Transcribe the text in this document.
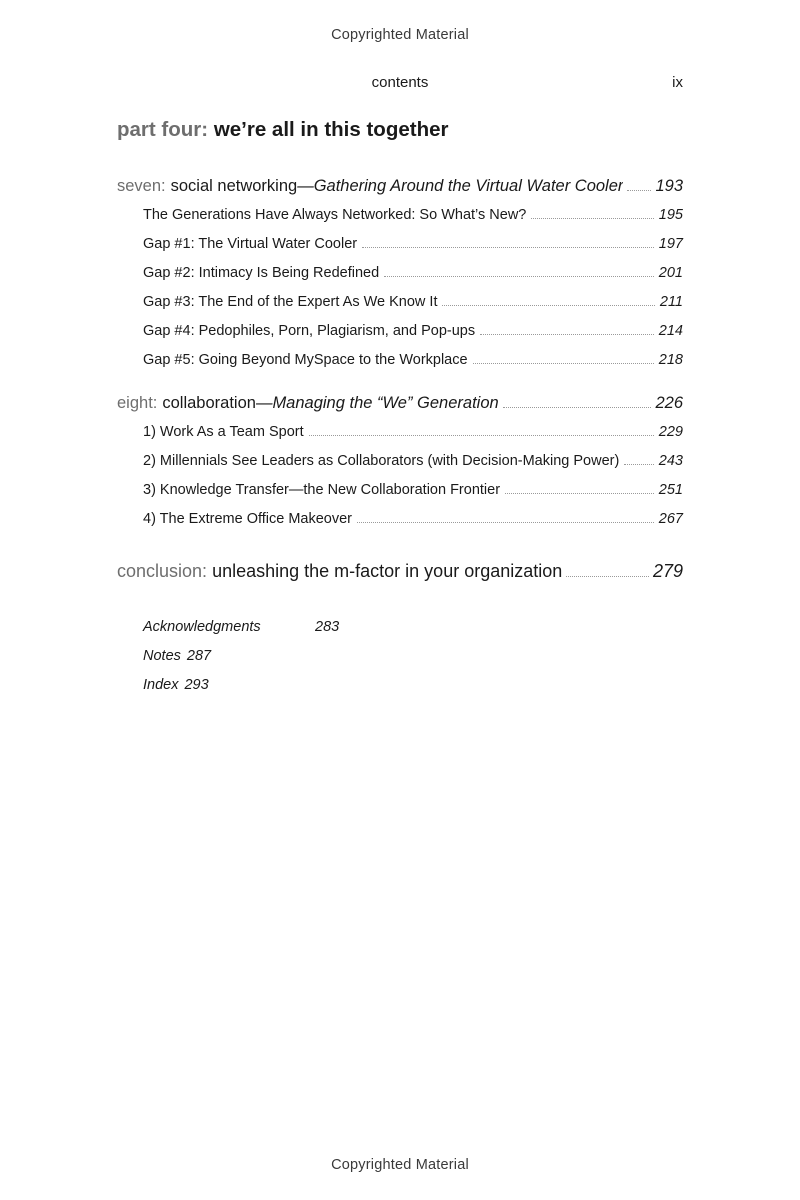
Copyrighted Material
contents	ix
part four: we’re all in this together
seven: social networking —Gathering Around the Virtual Water Cooler 193
The Generations Have Always Networked: So What’s New?	195
Gap #1: The Virtual Water Cooler	197
Gap #2: Intimacy Is Being Redefined	201
Gap #3: The End of the Expert As We Know It	211
Gap #4: Pedophiles, Porn, Plagiarism, and Pop-ups	214
Gap #5: Going Beyond MySpace to the Workplace	218
eight: collaboration —Managing the “We” Generation	226
1) Work As a Team Sport	229
2) Millennials See Leaders as Collaborators (with Decision-Making Power)	243
3) Knowledge Transfer—the New Collaboration Frontier	251
4) The Extreme Office Makeover	267
conclusion: unleashing the m-factor in your organization	279
Acknowledgments	283
Notes 287
Index 293
Copyrighted Material
